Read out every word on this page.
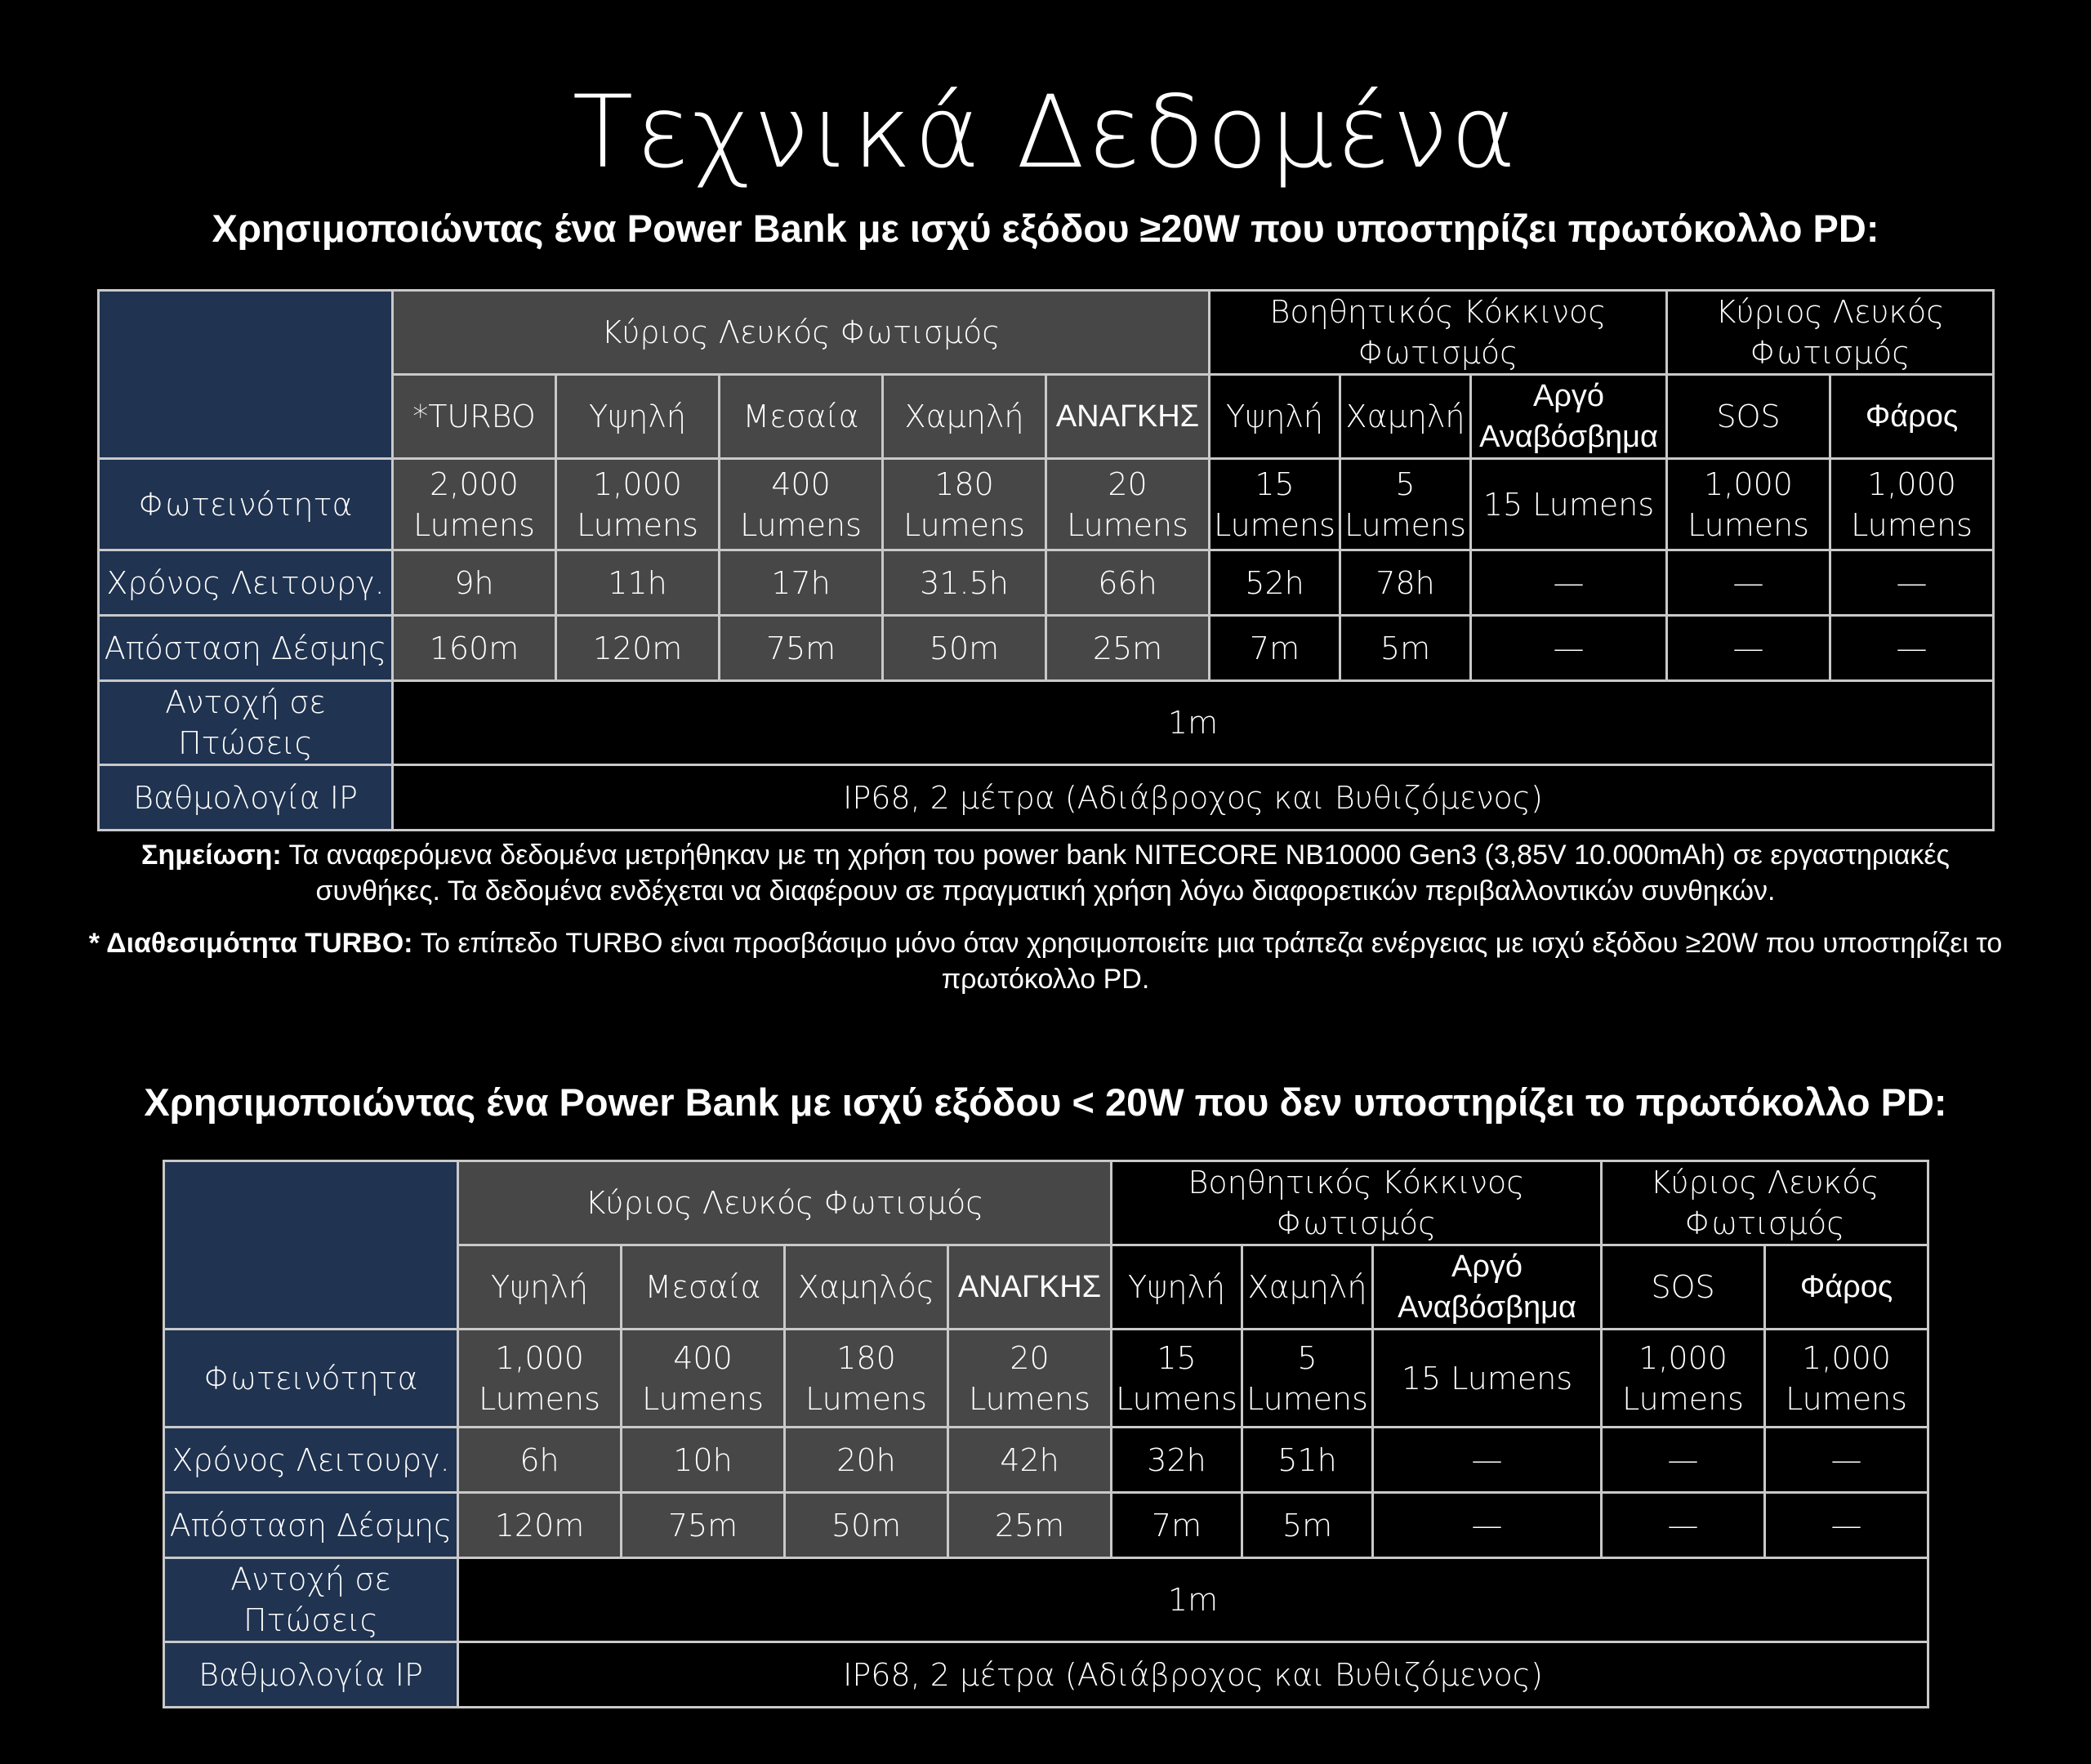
Τεχνικά Δεδομένα
Χρησιμοποιώντας ένα Power Bank με ισχύ εξόδου ≥20W που υποστηρίζει πρωτόκολλο PD:
	Κύριος Λευκός Φωτισμός					Βοηθητικός Κόκκινος Φωτισμός			Κύριος Λευκός Φωτισμός	
	*TURBO	Υψηλή	Μεσαία	Χαμηλή	ΑΝΑΓΚΗΣ	Υψηλή	Χαμηλή	Αργό Αναβόσβημα	SOS	Φάρος
Φωτεινότητα	2,000 Lumens	1,000 Lumens	400 Lumens	180 Lumens	20 Lumens	15 Lumens	5 Lumens	15 Lumens	1,000 Lumens	1,000 Lumens
Χρόνος Λειτουργ.	9h	11h	17h	31.5h	66h	52h	78h	—	—	—
Απόσταση Δέσμης	160m	120m	75m	50m	25m	7m	5m	—	—	—
Αντοχή σε Πτώσεις	1m									
Βαθμολογία IP	IP68, 2 μέτρα (Αδιάβροχος και Βυθιζόμενος)									
Σημείωση: Τα αναφερόμενα δεδομένα μετρήθηκαν με τη χρήση του power bank NITECORE NB10000 Gen3 (3,85V 10.000mAh) σε εργαστηριακές συνθήκες. Τα δεδομένα ενδέχεται να διαφέρουν σε πραγματική χρήση λόγω διαφορετικών περιβαλλοντικών συνθηκών.
* Διαθεσιμότητα TURBO: Το επίπεδο TURBO είναι προσβάσιμο μόνο όταν χρησιμοποιείτε μια τράπεζα ενέργειας με ισχύ εξόδου ≥20W που υποστηρίζει το πρωτόκολλο PD.
Χρησιμοποιώντας ένα Power Bank με ισχύ εξόδου < 20W που δεν υποστηρίζει το πρωτόκολλο PD:
	Κύριος Λευκός Φωτισμός				Βοηθητικός Κόκκινος Φωτισμός			Κύριος Λευκός Φωτισμός	
	Υψηλή	Μεσαία	Χαμηλός	ΑΝΑΓΚΗΣ	Υψηλή	Χαμηλή	Αργό Αναβόσβημα	SOS	Φάρος
Φωτεινότητα	1,000 Lumens	400 Lumens	180 Lumens	20 Lumens	15 Lumens	5 Lumens	15 Lumens	1,000 Lumens	1,000 Lumens
Χρόνος Λειτουργ.	6h	10h	20h	42h	32h	51h	—	—	—
Απόσταση Δέσμης	120m	75m	50m	25m	7m	5m	—	—	—
Αντοχή σε Πτώσεις	1m								
Βαθμολογία IP	IP68, 2 μέτρα (Αδιάβροχος και Βυθιζόμενος)								
